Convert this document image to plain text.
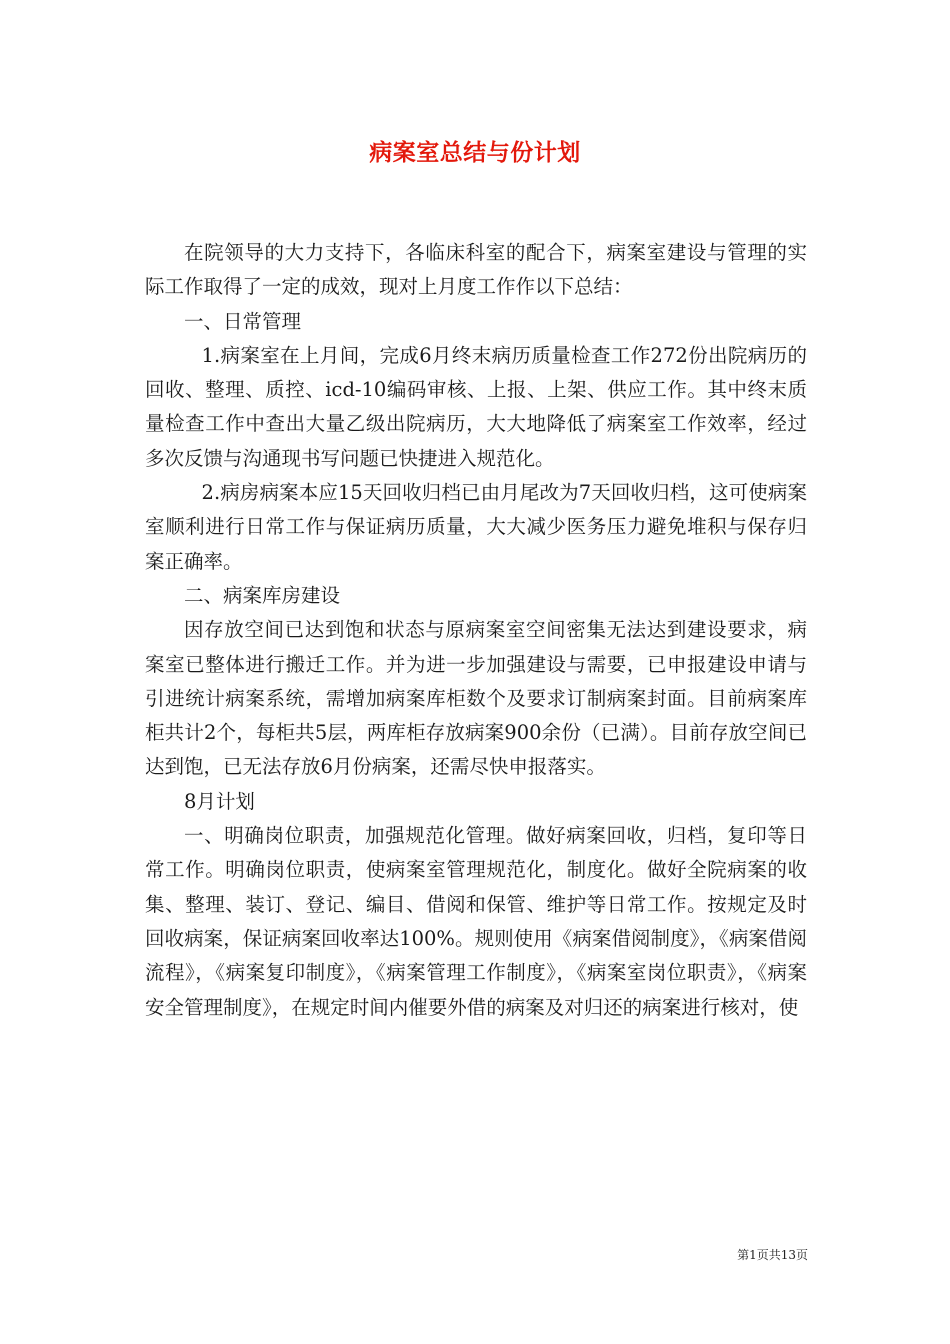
病案室总结与份计划

在院领导的大力支持下，各临床科室的配合下，病案室建设与管理的实际工作取得了一定的成效，现对上月度工作作以下总结：

一、日常管理

1.病案室在上月间，完成6月终末病历质量检查工作272份出院病历的回收、整理、质控、icd-10编码审核、上报、上架、供应工作。其中终末质量检查工作中查出大量乙级出院病历，大大地降低了病案室工作效率，经过多次反馈与沟通现书写问题已快捷进入规范化。

2.病房病案本应15天回收归档已由月尾改为7天回收归档，这可使病案室顺利进行日常工作与保证病历质量，大大减少医务压力避免堆积与保存归案正确率。

二、病案库房建设

因存放空间已达到饱和状态与原病案室空间密集无法达到建设要求，病案室已整体进行搬迁工作。并为进一步加强建设与需要，已申报建设申请与引进统计病案系统，需增加病案库柜数个及要求订制病案封面。目前病案库柜共计2个，每柜共5层，两库柜存放病案900余份（已满）。目前存放空间已达到饱，已无法存放6月份病案，还需尽快申报落实。

8月计划

一、明确岗位职责，加强规范化管理。做好病案回收，归档，复印等日常工作。明确岗位职责，使病案室管理规范化，制度化。做好全院病案的收集、整理、装订、登记、编目、借阅和保管、维护等日常工作。按规定及时回收病案，保证病案回收率达100%。规则使用《病案借阅制度》，《病案借阅流程》，《病案复印制度》，《病案管理工作制度》，《病案室岗位职责》，《病案安全管理制度》，在规定时间内催要外借的病案及对归还的病案进行核对，使

第1页共13页
